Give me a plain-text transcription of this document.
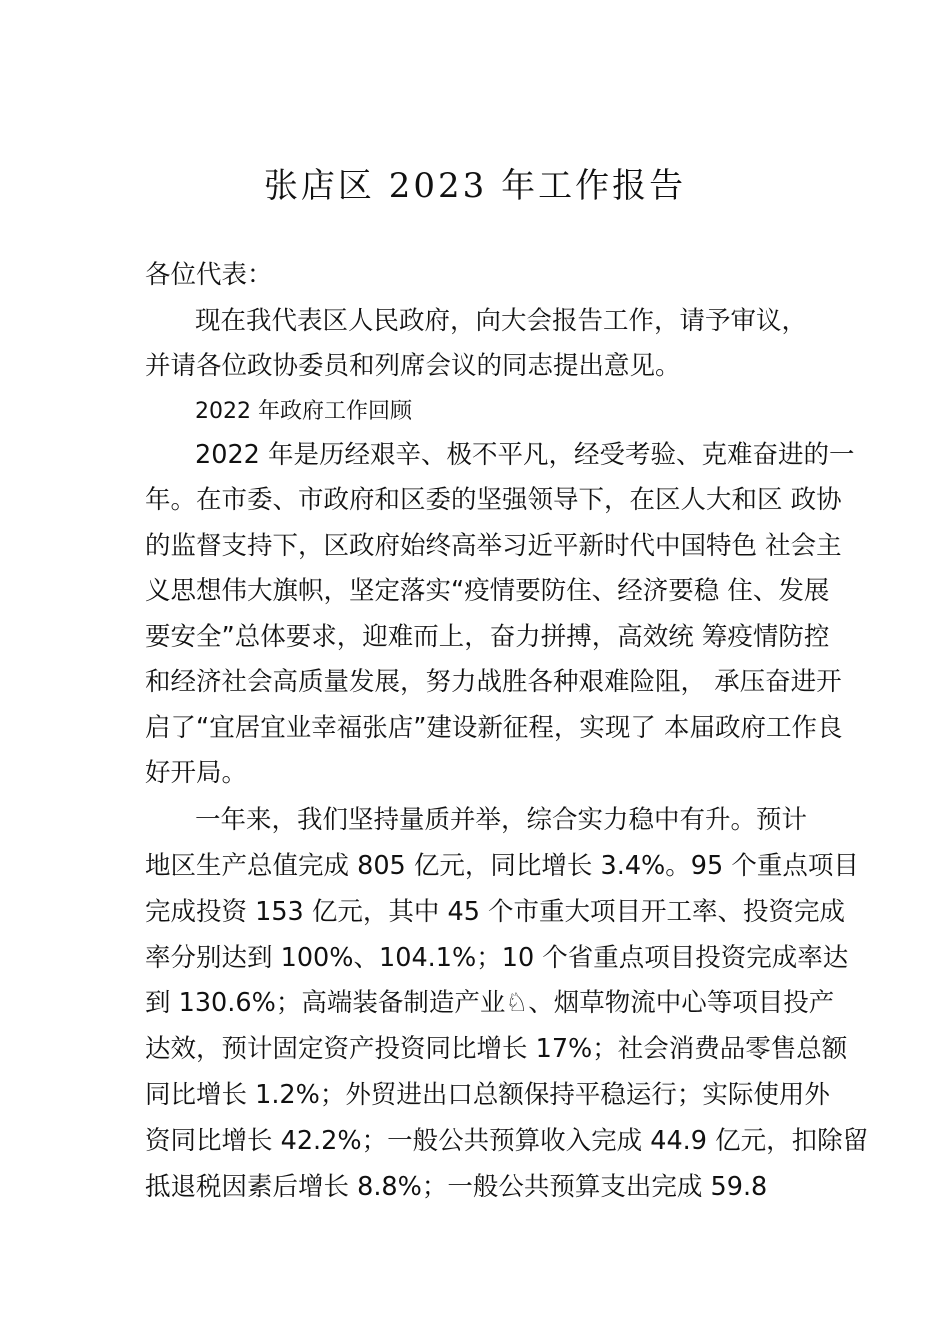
张店区 2023 年工作报告
各位代表：
现在我代表区人民政府，向大会报告工作，请予审议，
并请各位政协委员和列席会议的同志提出意见。
2022 年政府工作回顾
2022 年是历经艰辛、极不平凡，经受考验、克难奋进的一
年。在市委、市政府和区委的坚强领导下，在区人大和区 政协
的监督支持下，区政府始终高举习近平新时代中国特色 社会主
义思想伟大旗帜，坚定落实“疫情要防住、经济要稳 住、发展
要安全”总体要求，迎难而上，奋力拼搏，高效统 筹疫情防控
和经济社会高质量发展，努力战胜各种艰难险阻， 承压奋进开
启了“宜居宜业幸福张店”建设新征程，实现了 本届政府工作良
好开局。
一年来，我们坚持量质并举，综合实力稳中有升。预计
地区生产总值完成 805 亿元，同比增长 3.4%。95 个重点项目
完成投资 153 亿元，其中 45 个市重大项目开工率、投资完成
率分别达到 100%、104.1%；10 个省重点项目投资完成率达
到 130.6%；高端装备制造产业♘、烟草物流中心等项目投产
达效，预计固定资产投资同比增长 17%；社会消费品零售总额
同比增长 1.2%；外贸进出口总额保持平稳运行；实际使用外
资同比增长 42.2%；一般公共预算收入完成 44.9 亿元，扣除留
抵退税因素后增长 8.8%；一般公共预算支出完成 59.8
